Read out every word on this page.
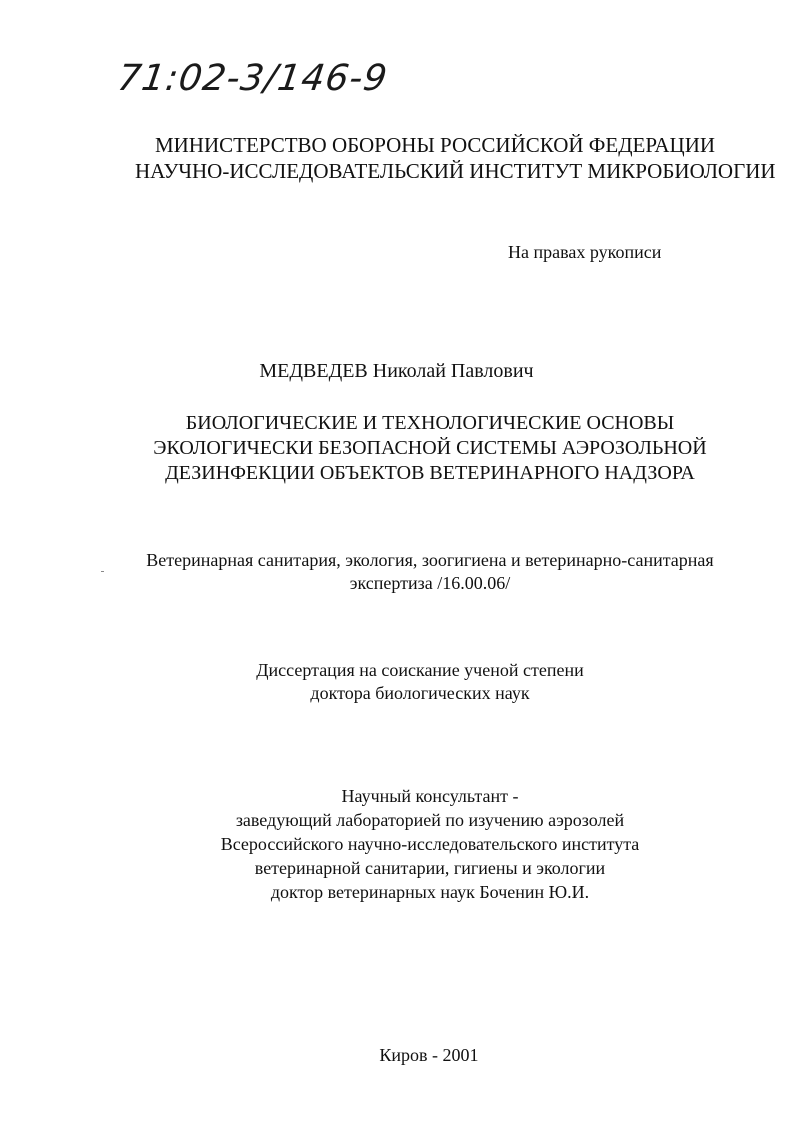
71:02-3/146-9
МИНИСТЕРСТВО ОБОРОНЫ РОССИЙСКОЙ ФЕДЕРАЦИИ
НАУЧНО-ИССЛЕДОВАТЕЛЬСКИЙ ИНСТИТУТ МИКРОБИОЛОГИИ
На правах рукописи
МЕДВЕДЕВ Николай Павлович
БИОЛОГИЧЕСКИЕ И ТЕХНОЛОГИЧЕСКИЕ ОСНОВЫ
ЭКОЛОГИЧЕСКИ БЕЗОПАСНОЙ СИСТЕМЫ АЭРОЗОЛЬНОЙ
ДЕЗИНФЕКЦИИ ОБЪЕКТОВ ВЕТЕРИНАРНОГО НАДЗОРА
Ветеринарная санитария, экология, зоогигиена и ветеринарно-санитарная
экспертиза /16.00.06/
Диссертация на соискание ученой степени
доктора биологических наук
Научный консультант -
заведующий лабораторией по изучению аэрозолей
Всероссийского научно-исследовательского института
ветеринарной санитарии, гигиены и экологии
доктор ветеринарных наук Боченин Ю.И.
Киров - 2001
